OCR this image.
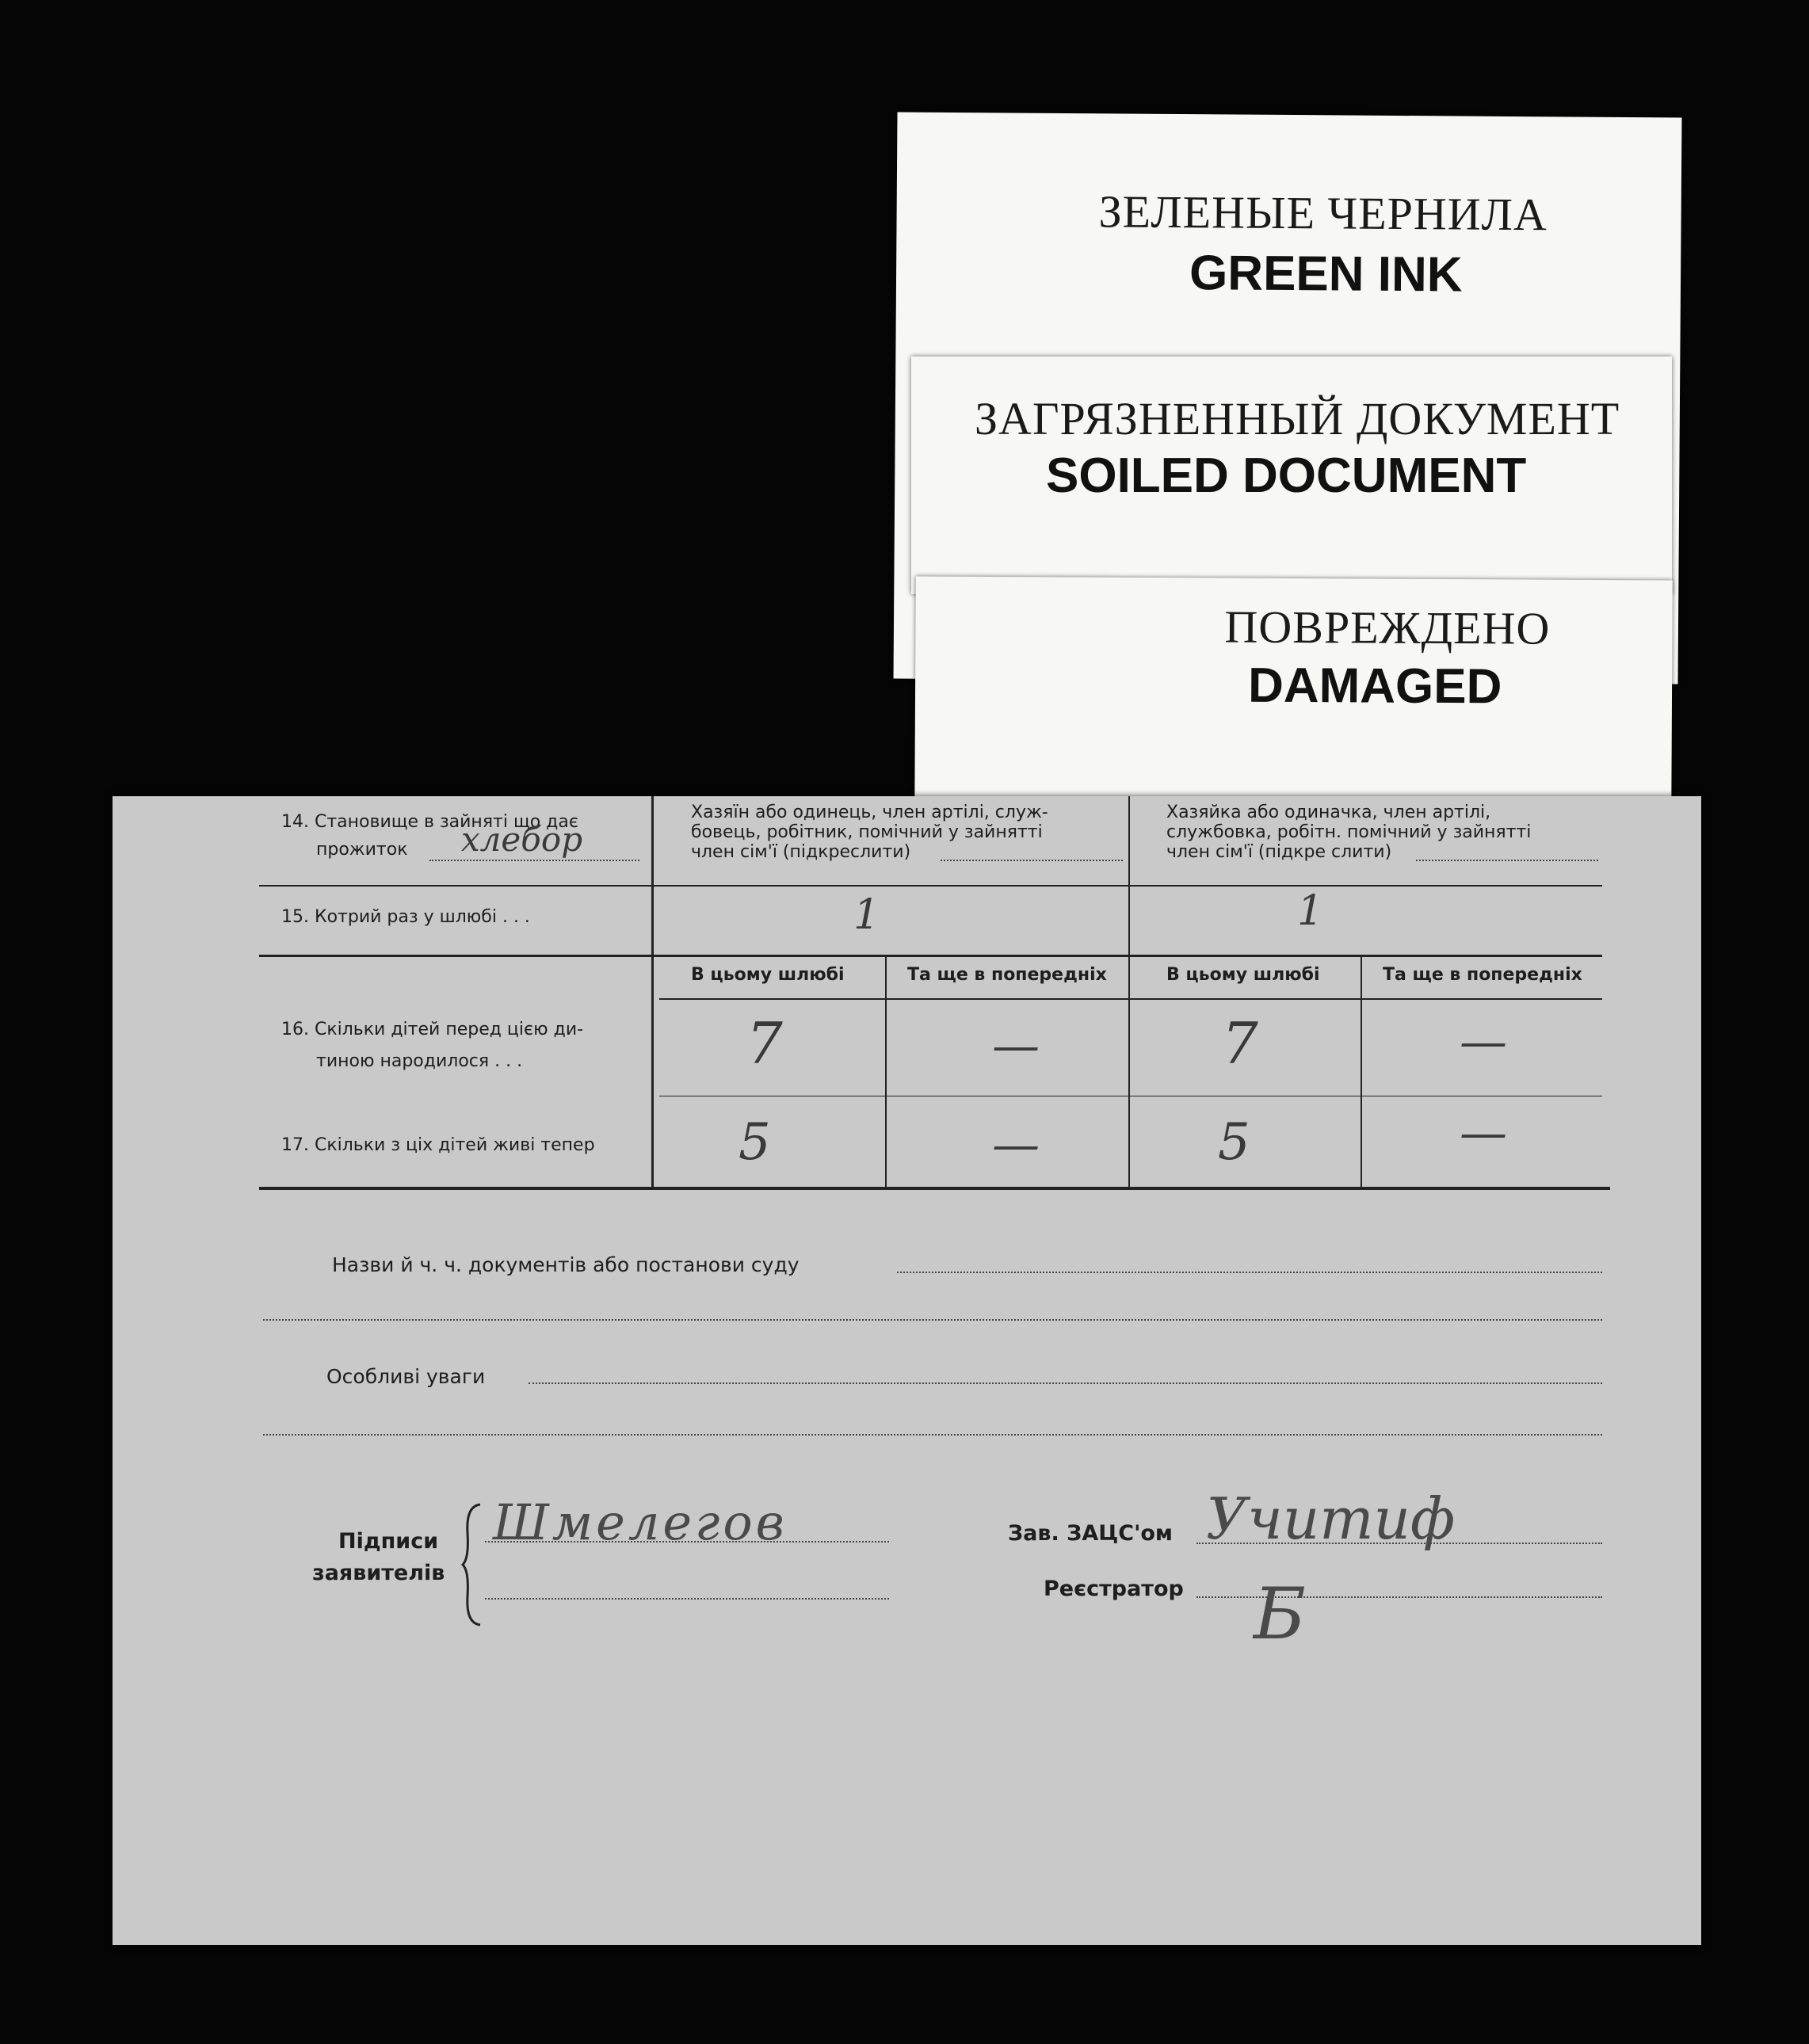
ЗЕЛЕНЫЕ ЧЕРНИЛА
GREEN INK
ЗАГРЯЗНЕННЫЙ ДОКУМЕНТ
SOILED DOCUMENT
ПОВРЕЖДЕНО
DAMAGED
14. Становище в зайняті що дає
прожиток хлебор
Хазяїн або одинець, член артілі, служ-
бовець, робітник, помічний у зайнятті
член сім'ї (підкреслити)
Хазяйка або одиначка, член артілі,
службовка, робітн. помічний у зайнятті
член сім'ї (підкре слити)
15. Котрий раз у шлюбі . . .	1	1
В цьому шлюбі	Та ще в попередніх	В цьому шлюбі	Та ще в попередніх
16. Скільки дітей перед цією ди-
тиною народилося . . .	7	—	7	—
17. Скільки з ціх дітей живі тепер	5	—	5	—
Назви й ч. ч. документів або постанови суду
Особливі уваги
Підписи
заявителів
Шмелегов	Зав. ЗАЦС'ом
Реєстратор
Учитиф
Б
